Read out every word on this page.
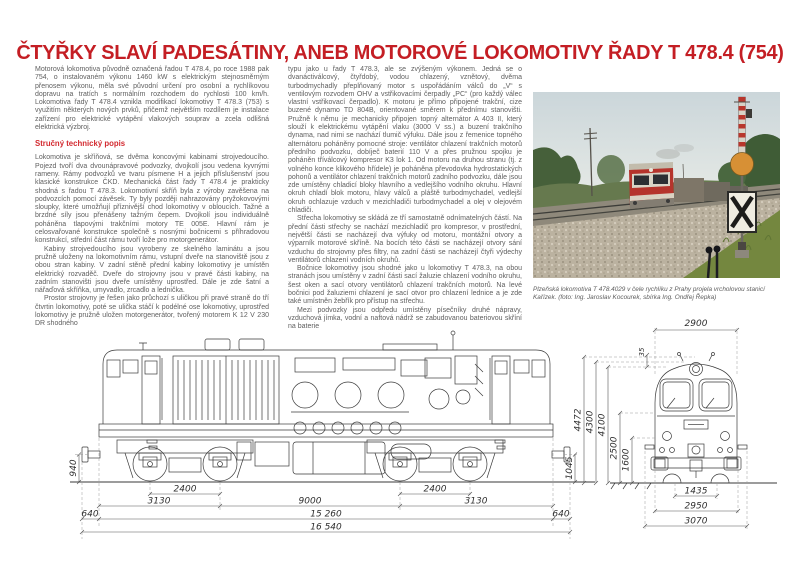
ČTYŘKY SLAVÍ PADESÁTINY, ANEB MOTOROVÉ LOKOMOTIVY ŘADY T 478.4 (754)

Motorová lokomotiva původně označená řadou T 478.4, po roce 1988 pak 754, o instalovaném výkonu 1460 kW s elektrickým stejnosměrným přenosem výkonu, měla své původní určení pro osobní a rychlíkovou dopravu na tratích s normálním rozchodem do rychlosti 100 km/h. Lokomotiva řady T 478.4 vznikla modifikací lokomotivy T 478.3 (753) s využitím některých nových prvků, přičemž největším rozdílem je instalace zařízení pro elektrické vytápění vlakových souprav a zcela odlišná elektrická výzbroj.

Stručný technický popis

Lokomotiva je skříňová, se dvěma koncovými kabinami strojvedoucího. Pojezd tvoří dva dvounápravové podvozky, dvojkolí jsou vedena kyvnými rameny. Rámy podvozků ve tvaru písmene H a jejich příslušenství jsou klasické konstrukce ČKD. Mechanická část řady T 478.4 je prakticky shodná s řadou T 478.3. Lokomotivní skříň byla z výroby zavěšena na podvozcích pomocí závěsek. Ty byly později nahrazovány pryžokovovými sloupky, které umožňují příznivější chod lokomotivy v obloucích. Tažné a brzdné síly jsou přenášeny tažným čepem. Dvojkolí jsou individuálně poháněna tlapovými trakčními motory TE 005E. Hlavní rám je celosvařované konstrukce společně s nosnými bočnicemi s příhradovou konstrukcí, střední část rámu tvoří lože pro motorgenerátor.

Kabiny strojvedoucího jsou vyrobeny ze skelného laminátu a jsou pružně uloženy na lokomotivním rámu, vstupní dveře na stanoviště jsou z obou stran kabiny. V zadní stěně přední kabiny lokomotivy je umístěn elektrický rozvaděč. Dveře do strojovny jsou v pravé části kabiny, na zadním stanovišti jsou dveře umístěny uprostřed. Dále je zde šatní a nářaďová skříňka, umyvadlo, zrcadlo a lednička.

Prostor strojovny je řešen jako průchozí s uličkou při pravé straně do tří čtvrtin lokomotivy, poté se ulička stáčí k podélné ose lokomotivy, uprostřed lokomotivy je pružně uložen motorgenerátor, tvořený motorem K 12 V 230 DR shodného

typu jako u řady T 478.3, ale se zvýšeným výkonem. Jedná se o dvanáctiválcový, čtyřdobý, vodou chlazený, vznětový, dvěma turbodmychadly přeplňovaný motor s uspořádáním válců do „V“ s ventilovým rozvodem OHV a vstřikovacími čerpadly „PC“ (pro každý válec vlastní vstřikovací čerpadlo). K motoru je přímo připojené trakční, cize buzené dynamo TD 804B, orientované směrem k přednímu stanovišti. Pružně k němu je mechanicky připojen topný alternátor A 403 II, který slouží k elektrickému vytápění vlaku (3000 V ss.) a buzení trakčního dynama, nad nimi se nachází tlumič výfuku. Dále jsou z řemenice topného alternátoru poháněny pomocné stroje: ventilátor chlazení trakčních motorů předního podvozku, dobíječ baterií 110 V a přes pružnou spojku je poháněn tříválcový kompresor K3 lok 1. Od motoru na druhou stranu (tj. z volného konce klikového hřídele) je poháněna převodovka hydrostatických pohonů a ventilátor chlazení trakčních motorů zadního podvozku, dále jsou zde umístěny chladicí bloky hlavního a vedlejšího vodního okruhu. Hlavní okruh chladí blok motoru, hlavy válců a pláště turbodmychadel, vedlejší okruh ochlazuje vzduch v mezichladiči turbodmychadel a olej v olejovém chladiči.

Střecha lokomotivy se skládá ze tří samostatně odnímatelných částí. Na přední části střechy se nachází mezichladič pro kompresor, v prostřední, největší části se nacházejí dva výfuky od motoru, montážní otvory a výparník motorové skříně. Na bocích této části se nacházejí otvory sání vzduchu do strojovny přes filtry, na zadní části se nacházejí čtyři výdechy ventilátorů chlazení vodních okruhů.

Bočnice lokomotivy jsou shodné jako u lokomotivy T 478.3, na obou stranách jsou umístěny v zadní části sací žaluzie chlazení vodního okruhu, šest oken a sací otvory ventilátorů chlazení trakčních motorů. Na levé bočnici pod žaluziemi chlazení je sací otvor pro chlazení lednice a je zde také umístněn žebřík pro přístup na střechu.

Mezi podvozky jsou odpředu umístěny písečníky druhé nápravy, vzduchová jímka, vodní a naftová nádrž se zabudovanou bateriovou skříní na baterie

Plzeňská lokomotiva T 478.4029 v čele rychlíku z Prahy projela vrcholovou stanicí Kařízek. (foto: Ing. Jaroslav Kocourek, sbírka Ing. Ondřej Řepka)
2400	2400
3130	9000	3130
640	15 260	640
16 540
1045
940
2900
4472 4300 4100
2500
1600
35
1435
2950
3070
